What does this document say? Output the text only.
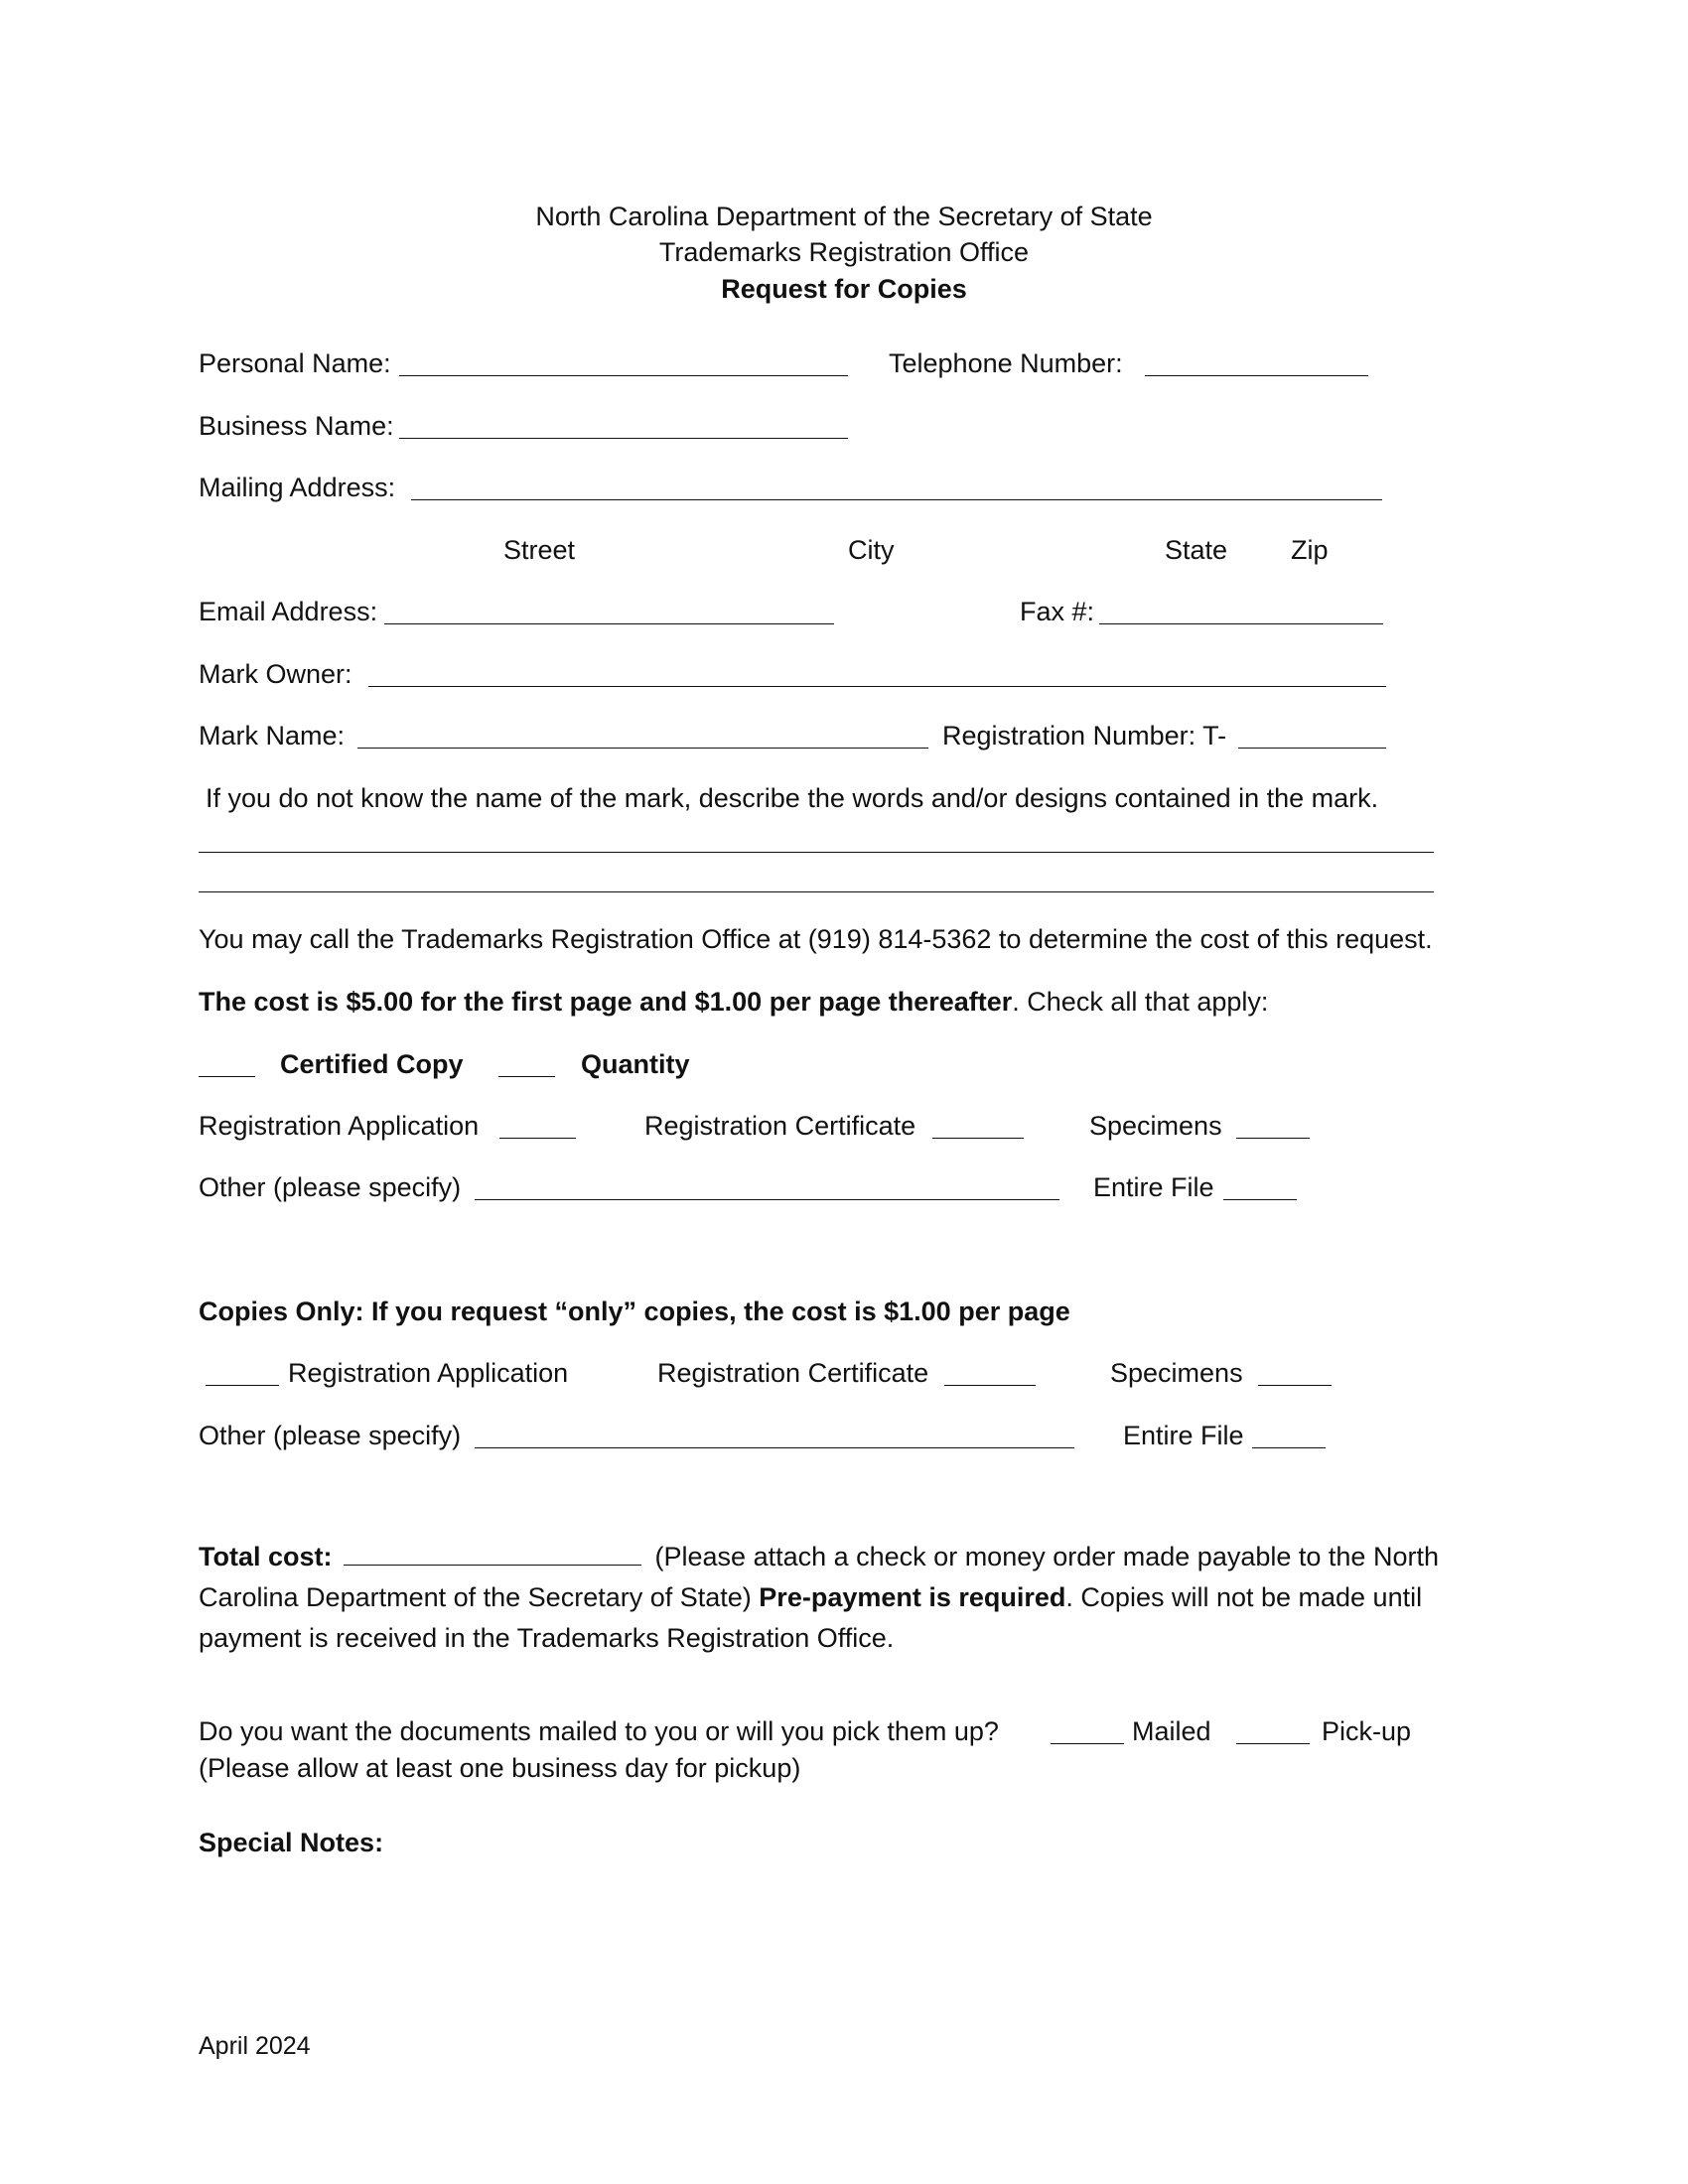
North Carolina Department of the Secretary of State
Trademarks Registration Office
Request for Copies
Personal Name:	Telephone Number:
Business Name:
Mailing Address:
Street	City	State Zip
Email Address:	Fax #:
Mark Owner:
Mark Name:	Registration Number: T-
If you do not know the name of the mark, describe the words and/or designs contained in the mark.
You may call the Trademarks Registration Office at (919) 814-5362 to determine the cost of this request.
The cost is $5.00 for the first page and $1.00 per page thereafter. Check all that apply:
Certified Copy	Quantity
Registration Application	Registration Certificate	Specimens
Other (please specify)	Entire File
Copies Only: If you request “only” copies, the cost is $1.00 per page
Registration Application	Registration Certificate	Specimens
Other (please specify)	Entire File
Total cost:	(Please attach a check or money order made payable to the North Carolina Department of the Secretary of State) Pre-payment is required. Copies will not be made until payment is received in the Trademarks Registration Office.
Do you want the documents mailed to you or will you pick them up?	Mailed	Pick-up
(Please allow at least one business day for pickup)
Special Notes:
April 2024
